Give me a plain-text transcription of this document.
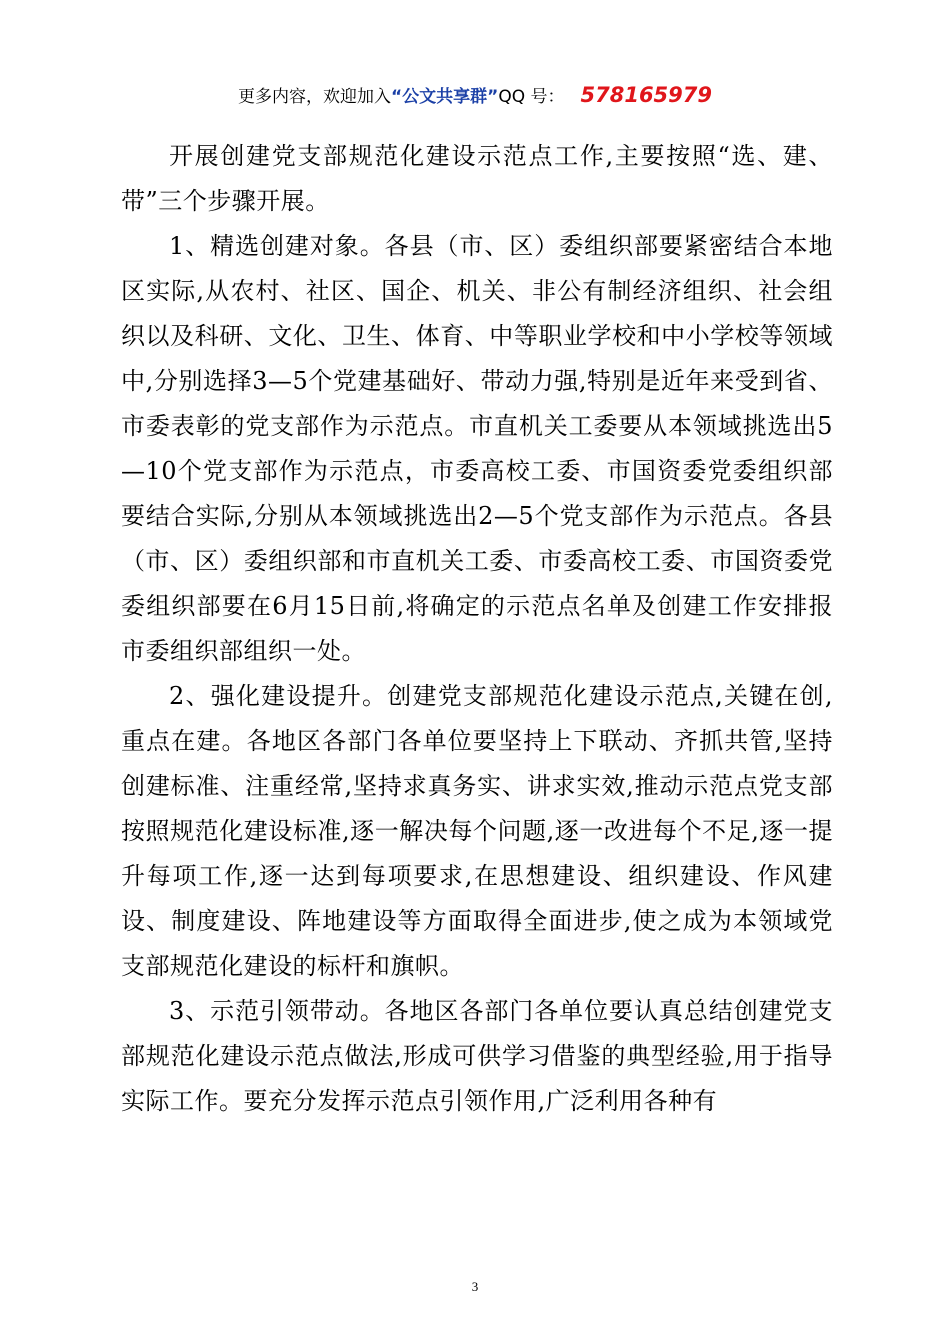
更多内容，欢迎加入“公文共享群”QQ 号： 578165979

开展创建党支部规范化建设示范点工作,主要按照“选、建、带”三个步骤开展。

1、精选创建对象。各县（市、区）委组织部要紧密结合本地区实际,从农村、社区、国企、机关、非公有制经济组织、社会组织以及科研、文化、卫生、体育、中等职业学校和中小学校等领域中,分别选择3—5个党建基础好、带动力强,特别是近年来受到省、市委表彰的党支部作为示范点。市直机关工委要从本领域挑选出5—10个党支部作为示范点，市委高校工委、市国资委党委组织部要结合实际,分别从本领域挑选出2—5个党支部作为示范点。各县（市、区）委组织部和市直机关工委、市委高校工委、市国资委党委组织部要在6月15日前,将确定的示范点名单及创建工作安排报市委组织部组织一处。

2、强化建设提升。创建党支部规范化建设示范点,关键在创,重点在建。各地区各部门各单位要坚持上下联动、齐抓共管,坚持创建标准、注重经常,坚持求真务实、讲求实效,推动示范点党支部按照规范化建设标准,逐一解决每个问题,逐一改进每个不足,逐一提升每项工作,逐一达到每项要求,在思想建设、组织建设、作风建设、制度建设、阵地建设等方面取得全面进步,使之成为本领域党支部规范化建设的标杆和旗帜。

3、示范引领带动。各地区各部门各单位要认真总结创建党支部规范化建设示范点做法,形成可供学习借鉴的典型经验,用于指导实际工作。要充分发挥示范点引领作用,广泛利用各种有

3
